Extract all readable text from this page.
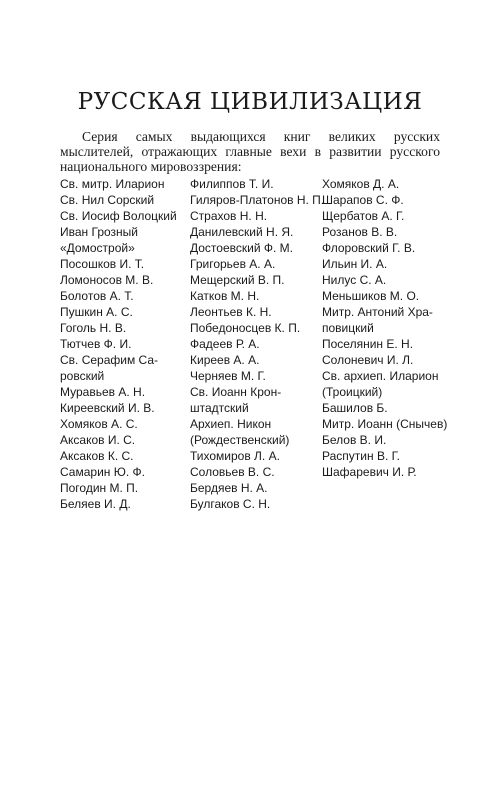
РУССКАЯ ЦИВИЛИЗАЦИЯ

Серия самых выдающихся книг великих русских мыслителей, отражающих главные вехи в развитии русского национального мировоззрения:

Св. митр. Иларион
Св. Нил Сорский
Св. Иосиф Волоцкий
Иван Грозный
«Домострой»
Посошков И. Т.
Ломоносов М. В.
Болотов А. Т.
Пушкин А. С.
Гоголь Н. В.
Тютчев Ф. И.
Св. Серафим Са-
ровский
Муравьев А. Н.
Киреевский И. В.
Хомяков А. С.
Аксаков И. С.
Аксаков К. С.
Самарин Ю. Ф.
Погодин М. П.
Беляев И. Д.
Филиппов Т. И.
Гиляров-Платонов Н. П.
Страхов Н. Н.
Данилевский Н. Я.
Достоевский Ф. М.
Григорьев А. А.
Мещерский В. П.
Катков М. Н.
Леонтьев К. Н.
Победоносцев К. П.
Фадеев Р. А.
Киреев А. А.
Черняев М. Г.
Св. Иоанн Крон-
штадтский
Архиеп. Никон
(Рождественский)
Тихомиров Л. А.
Соловьев В. С.
Бердяев Н. А.
Булгаков С. Н.
Хомяков Д. А.
Шарапов С. Ф.
Щербатов А. Г.
Розанов В. В.
Флоровский Г. В.
Ильин И. А.
Нилус С. А.
Меньшиков М. О.
Митр. Антоний Хра-
повицкий
Поселянин Е. Н.
Солоневич И. Л.
Св. архиеп. Иларион
(Троицкий)
Башилов Б.
Митр. Иоанн (Снычев)
Белов В. И.
Распутин В. Г.
Шафаревич И. Р.
